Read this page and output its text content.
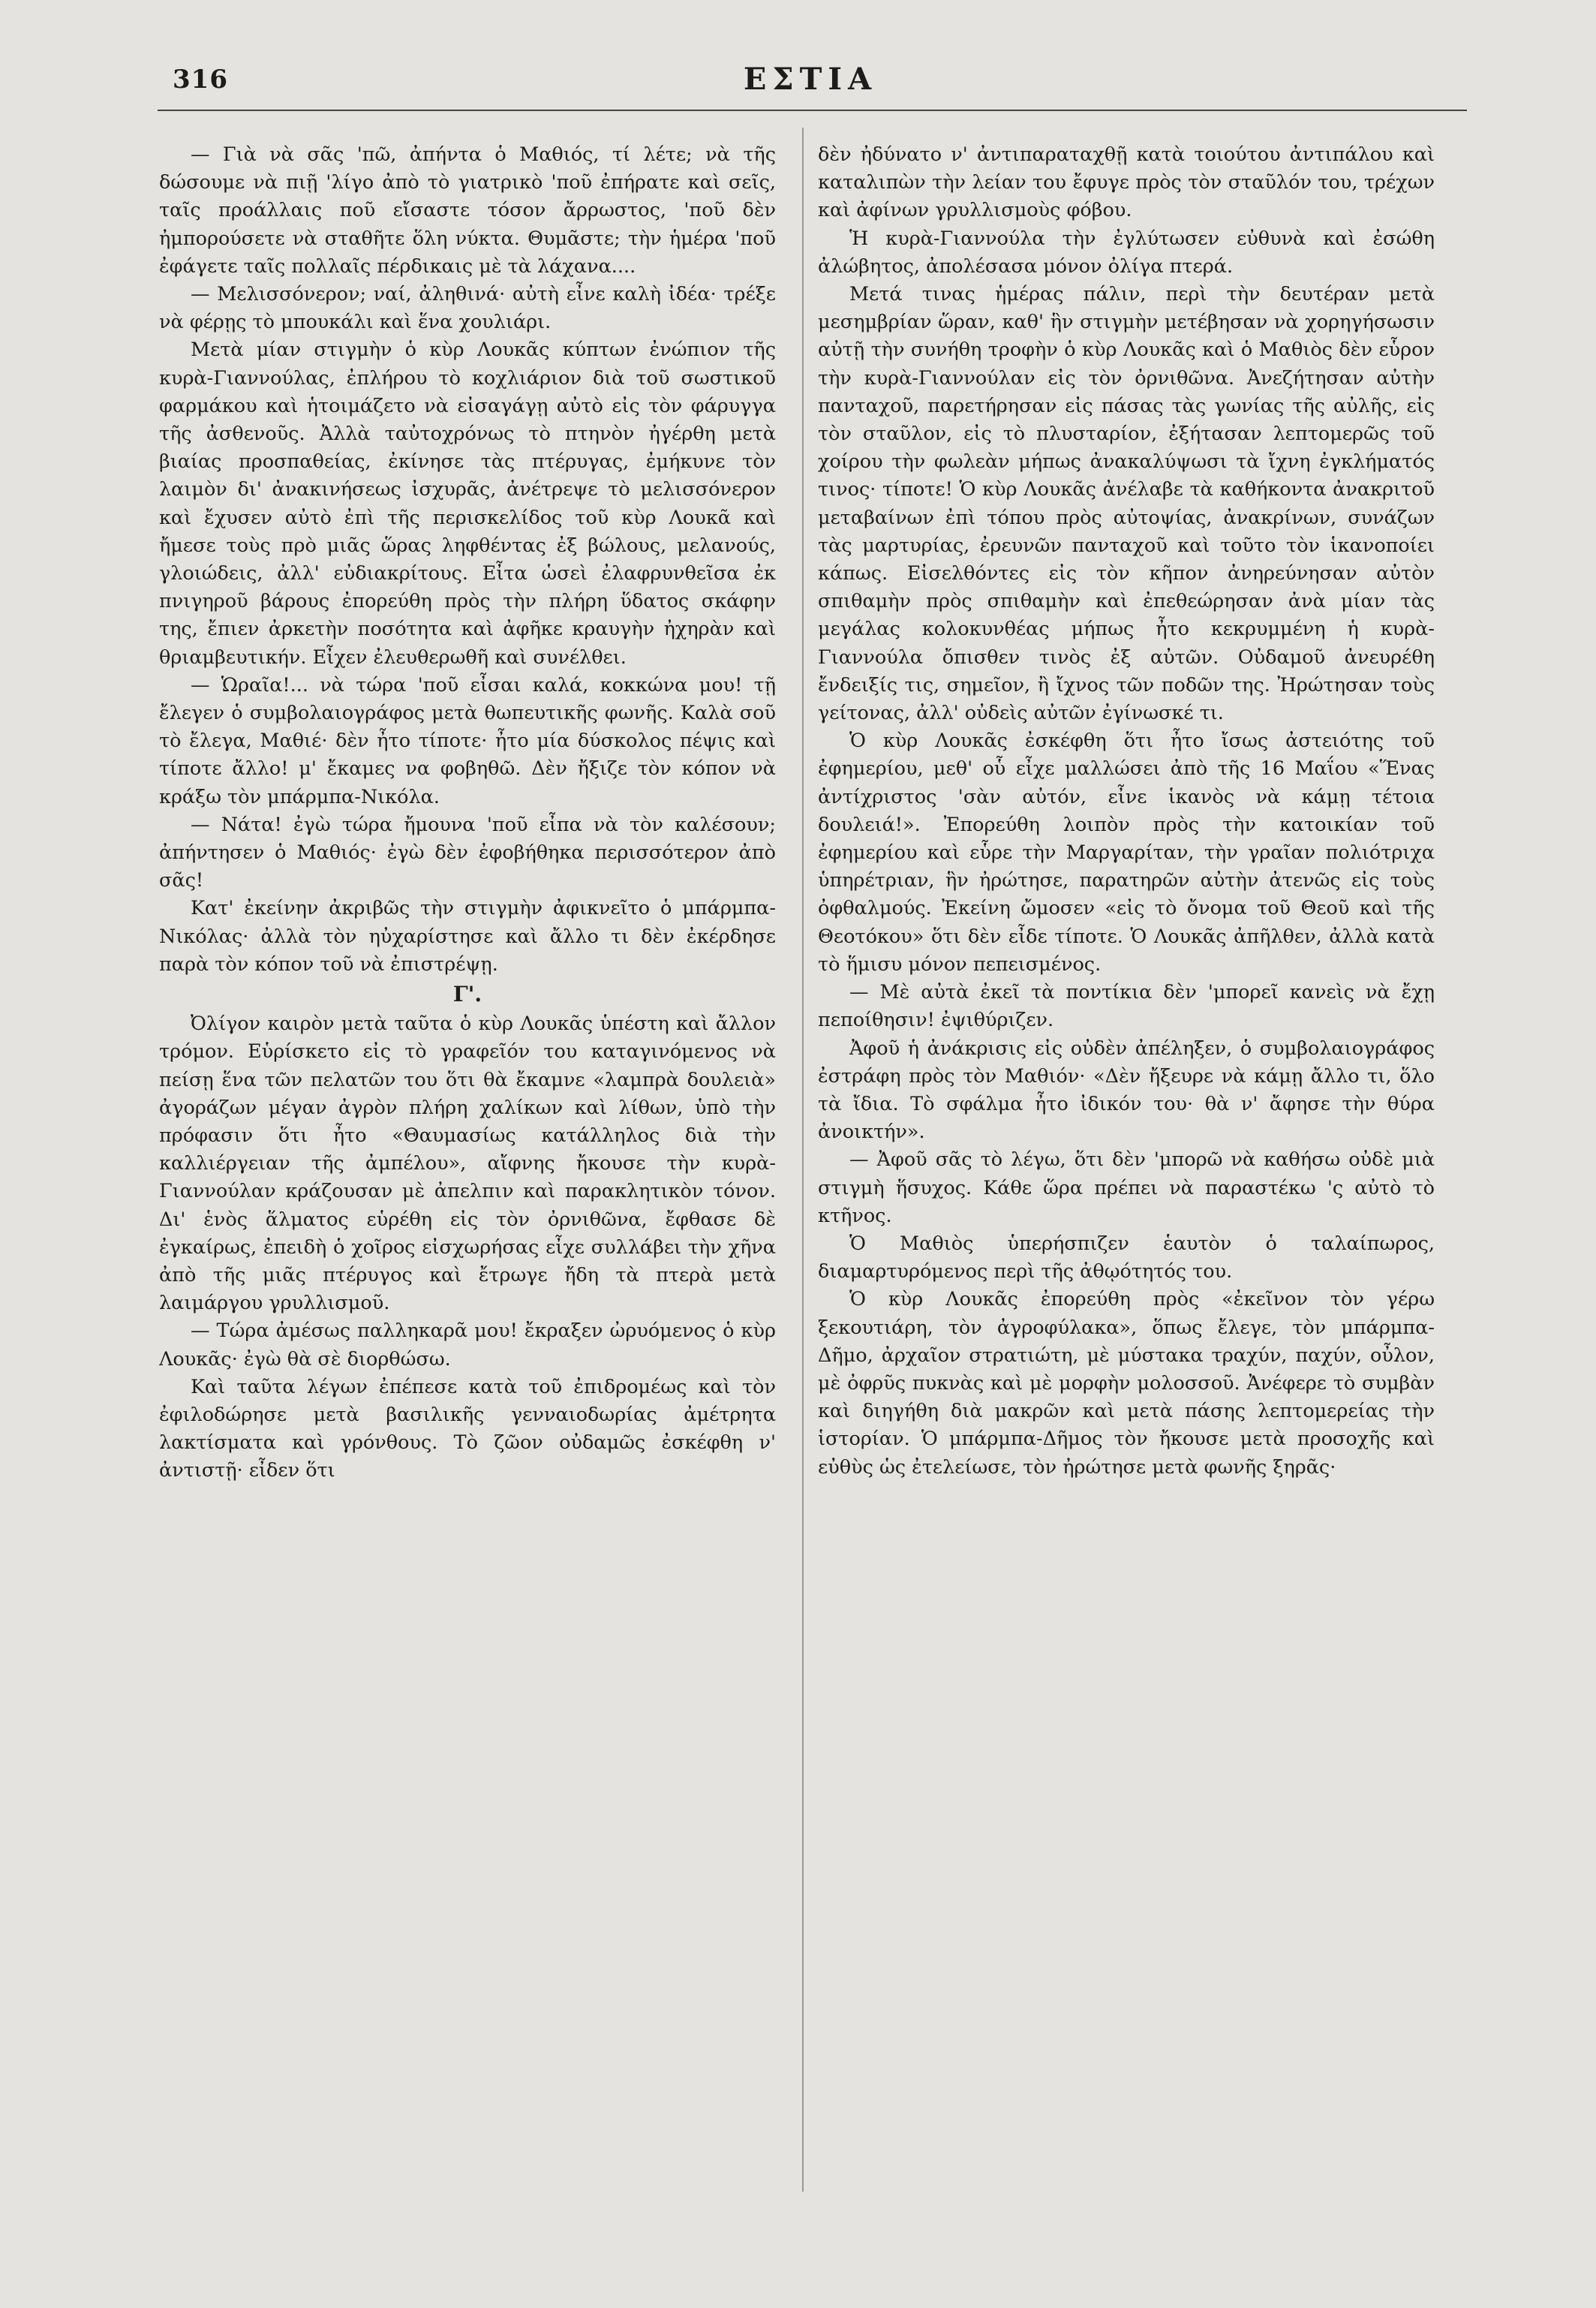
316	ΕΣΤΙΑ

— Γιὰ νὰ σᾶς 'πῶ, ἀπήντα ὁ Μαθιός, τί λέτε; νὰ τῆς δώσουμε νὰ πιῇ 'λίγο ἀπὸ τὸ γιατρικὸ 'ποῦ ἐπήρατε καὶ σεῖς, ταῖς προάλλαις ποῦ εἴσαστε τόσον ἄρρωστος, 'ποῦ δὲν ἠμπορούσετε νὰ σταθῆτε ὅλη νύκτα. Θυμᾶστε; τὴν ἡμέρα 'ποῦ ἐφάγετε ταῖς πολλαῖς πέρδικαις μὲ τὰ λάχανα....

— Μελισσόνερον; ναί, ἀληθινά· αὐτὴ εἶνε καλὴ ἰδέα· τρέξε νὰ φέρῃς τὸ μπουκάλι καὶ ἕνα χουλιάρι.

Μετὰ μίαν στιγμὴν ὁ κὺρ Λουκᾶς κύπτων ἐνώπιον τῆς κυρὰ-Γιαννούλας, ἐπλήρου τὸ κοχλιάριον διὰ τοῦ σωστικοῦ φαρμάκου καὶ ἡτοιμάζετο νὰ εἰσαγάγῃ αὐτὸ εἰς τὸν φάρυγγα τῆς ἀσθενοῦς. Ἀλλὰ ταὐτοχρόνως τὸ πτηνὸν ἠγέρθη μετὰ βιαίας προσπαθείας, ἐκίνησε τὰς πτέρυγας, ἐμήκυνε τὸν λαιμὸν δι' ἀνακινήσεως ἰσχυρᾶς, ἀνέτρεψε τὸ μελισσόνερον καὶ ἔχυσεν αὐτὸ ἐπὶ τῆς περισκελίδος τοῦ κὺρ Λουκᾶ καὶ ἤμεσε τοὺς πρὸ μιᾶς ὥρας ληφθέντας ἐξ βώλους, μελανούς, γλοιώδεις, ἀλλ' εὐδιακρίτους. Εἶτα ὡσεὶ ἐλαφρυνθεῖσα ἐκ πνιγηροῦ βάρους ἐπορεύθη πρὸς τὴν πλήρη ὕδατος σκάφην της, ἔπιεν ἀρκετὴν ποσότητα καὶ ἀφῆκε κραυγὴν ἠχηρὰν καὶ θριαμβευτικήν. Εἶχεν ἐλευθερωθῆ καὶ συνέλθει.

— Ὡραῖα!... νὰ τώρα 'ποῦ εἶσαι καλά, κοκκώνα μου! τῇ ἔλεγεν ὁ συμβολαιογράφος μετὰ θωπευτικῆς φωνῆς. Καλὰ σοῦ τὸ ἔλεγα, Μαθιέ· δὲν ἦτο τίποτε· ἦτο μία δύσκολος πέψις καὶ τίποτε ἄλλο! μ' ἔκαμες να φοβηθῶ. Δὲν ἤξιζε τὸν κόπον νὰ κράξω τὸν μπάρμπα-Νικόλα.

— Νάτα! ἐγὼ τώρα ἤμουνα 'ποῦ εἶπα νὰ τὸν καλέσουν; ἀπήντησεν ὁ Μαθιός· ἐγὼ δὲν ἐφοβήθηκα περισσότερον ἀπὸ σᾶς!

Κατ' ἐκείνην ἀκριβῶς τὴν στιγμὴν ἀφικνεῖτο ὁ μπάρμπα-Νικόλας· ἀλλὰ τὸν ηὐχαρίστησε καὶ ἄλλο τι δὲν ἐκέρδησε παρὰ τὸν κόπον τοῦ νὰ ἐπιστρέψῃ.

Γ'.

Ὀλίγον καιρὸν μετὰ ταῦτα ὁ κὺρ Λουκᾶς ὑπέστη καὶ ἄλλον τρόμον. Εὑρίσκετο εἰς τὸ γραφεῖόν του καταγινόμενος νὰ πείσῃ ἕνα τῶν πελατῶν του ὅτι θὰ ἔκαμνε «λαμπρὰ δουλειὰ» ἀγοράζων μέγαν ἀγρὸν πλήρη χαλίκων καὶ λίθων, ὑπὸ τὴν πρόφασιν ὅτι ἦτο «Θαυμασίως κατάλληλος διὰ τὴν καλλιέργειαν τῆς ἀμπέλου», αἴφνης ἤκουσε τὴν κυρὰ-Γιαννούλαν κράζουσαν μὲ ἀπελπιν καὶ παρακλητικὸν τόνον. Δι' ἑνὸς ἅλματος εὑρέθη εἰς τὸν ὀρνιθῶνα, ἔφθασε δὲ ἐγκαίρως, ἐπειδὴ ὁ χοῖρος εἰσχωρήσας εἶχε συλλάβει τὴν χῆνα ἀπὸ τῆς μιᾶς πτέρυγος καὶ ἔτρωγε ἤδη τὰ πτερὰ μετὰ λαιμάργου γρυλλισμοῦ.

— Τώρα ἀμέσως παλληκαρᾶ μου! ἔκραξεν ὠρυόμενος ὁ κὺρ Λουκᾶς· ἐγὼ θὰ σὲ διορθώσω.

Καὶ ταῦτα λέγων ἐπέπεσε κατὰ τοῦ ἐπιδρομέως καὶ τὸν ἐφιλοδώρησε μετὰ βασιλικῆς γενναιοδωρίας ἀμέτρητα λακτίσματα καὶ γρόνθους. Τὸ ζῶον οὐδαμῶς ἐσκέφθη ν' ἀντιστῇ· εἶδεν ὅτι

δὲν ἠδύνατο ν' ἀντιπαραταχθῇ κατὰ τοιούτου ἀντιπάλου καὶ καταλιπὼν τὴν λείαν του ἔφυγε πρὸς τὸν σταῦλόν του, τρέχων καὶ ἀφίνων γρυλλισμοὺς φόβου.

Ἡ κυρὰ-Γιαννούλα τὴν ἐγλύτωσεν εὐθυνὰ καὶ ἐσώθη ἀλώβητος, ἀπολέσασα μόνον ὀλίγα πτερά.

Μετά τινας ἡμέρας πάλιν, περὶ τὴν δευτέραν μετὰ μεσημβρίαν ὥραν, καθ' ἣν στιγμὴν μετέβησαν νὰ χορηγήσωσιν αὐτῇ τὴν συνήθη τροφὴν ὁ κὺρ Λουκᾶς καὶ ὁ Μαθιὸς δὲν εὗρον τὴν κυρὰ-Γιαννούλαν εἰς τὸν ὀρνιθῶνα. Ἀνεζήτησαν αὐτὴν πανταχοῦ, παρετήρησαν εἰς πάσας τὰς γωνίας τῆς αὐλῆς, εἰς τὸν σταῦλον, εἰς τὸ πλυσταρίον, ἐξήτασαν λεπτομερῶς τοῦ χοίρου τὴν φωλεὰν μήπως ἀνακαλύψωσι τὰ ἴχνη ἐγκλήματός τινος· τίποτε! Ὁ κὺρ Λουκᾶς ἀνέλαβε τὰ καθήκοντα ἀνακριτοῦ μεταβαίνων ἐπὶ τόπου πρὸς αὐτοψίας, ἀνακρίνων, συνάζων τὰς μαρτυρίας, ἐρευνῶν πανταχοῦ καὶ τοῦτο τὸν ἱκανοποίει κάπως. Εἰσελθόντες εἰς τὸν κῆπον ἀνηρεύνησαν αὐτὸν σπιθαμὴν πρὸς σπιθαμὴν καὶ ἐπεθεώρησαν ἀνὰ μίαν τὰς μεγάλας κολοκυνθέας μήπως ἦτο κεκρυμμένη ἡ κυρὰ-Γιαννούλα ὄπισθεν τινὸς ἐξ αὐτῶν. Οὐδαμοῦ ἀνευρέθη ἔνδειξίς τις, σημεῖον, ἢ ἴχνος τῶν ποδῶν της. Ἠρώτησαν τοὺς γείτονας, ἀλλ' οὐδεὶς αὐτῶν ἐγίνωσκέ τι.

Ὁ κὺρ Λουκᾶς ἐσκέφθη ὅτι ἦτο ἴσως ἀστειότης τοῦ ἐφημερίου, μεθ' οὗ εἶχε μαλλώσει ἀπὸ τῆς 16 Μαΐου «Ἕνας ἀντίχριστος 'σὰν αὐτόν, εἶνε ἱκανὸς νὰ κάμῃ τέτοια δουλειά!». Ἐπορεύθη λοιπὸν πρὸς τὴν κατοικίαν τοῦ ἐφημερίου καὶ εὗρε τὴν Μαργαρίταν, τὴν γραῖαν πολιότριχα ὑπηρέτριαν, ἣν ἠρώτησε, παρατηρῶν αὐτὴν ἀτενῶς εἰς τοὺς ὀφθαλμούς. Ἐκείνη ὤμοσεν «εἰς τὸ ὄνομα τοῦ Θεοῦ καὶ τῆς Θεοτόκου» ὅτι δὲν εἶδε τίποτε. Ὁ Λουκᾶς ἀπῆλθεν, ἀλλὰ κατὰ τὸ ἥμισυ μόνον πεπεισμένος.

— Μὲ αὐτὰ ἐκεῖ τὰ ποντίκια δὲν 'μπορεῖ κανεὶς νὰ ἔχῃ πεποίθησιν! ἐψιθύριζεν.

Ἀφοῦ ἡ ἀνάκρισις εἰς οὐδὲν ἀπέληξεν, ὁ συμβολαιογράφος ἐστράφη πρὸς τὸν Μαθιόν· «Δὲν ἤξευρε νὰ κάμῃ ἄλλο τι, ὅλο τὰ ἴδια. Τὸ σφάλμα ἦτο ἰδικόν του· θὰ ν' ἄφησε τὴν θύρα ἀνοικτήν».

— Ἀφοῦ σᾶς τὸ λέγω, ὅτι δὲν 'μπορῶ νὰ καθήσω οὐδὲ μιὰ στιγμὴ ἥσυχος. Κάθε ὥρα πρέπει νὰ παραστέκω 'ς αὐτὸ τὸ κτῆνος.

Ὁ Μαθιὸς ὑπερήσπιζεν ἑαυτὸν ὁ ταλαίπωρος, διαμαρτυρόμενος περὶ τῆς ἀθῳότητός του.

Ὁ κὺρ Λουκᾶς ἐπορεύθη πρὸς «ἐκεῖνον τὸν γέρω ξεκουτιάρη, τὸν ἀγροφύλακα», ὅπως ἔλεγε, τὸν μπάρμπα-Δῆμο, ἀρχαῖον στρατιώτη, μὲ μύστακα τραχύν, παχύν, οὖλον, μὲ ὀφρῦς πυκνὰς καὶ μὲ μορφὴν μολοσσοῦ. Ἀνέφερε τὸ συμβὰν καὶ διηγήθη διὰ μακρῶν καὶ μετὰ πάσης λεπτομερείας τὴν ἱστορίαν. Ὁ μπάρμπα-Δῆμος τὸν ἤκουσε μετὰ προσοχῆς καὶ εὐθὺς ὡς ἐτελείωσε, τὸν ἠρώτησε μετὰ φωνῆς ξηρᾶς·
